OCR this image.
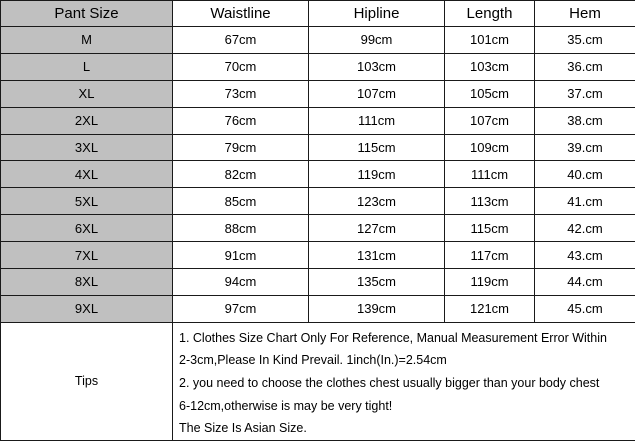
Pant Size	Waistline	Hipline	Length	Hem
M	67cm	99cm	101cm	35.cm
L	70cm	103cm	103cm	36.cm
XL	73cm	107cm	105cm	37.cm
2XL	76cm	111cm	107cm	38.cm
3XL	79cm	115cm	109cm	39.cm
4XL	82cm	119cm	111cm	40.cm
5XL	85cm	123cm	113cm	41.cm
6XL	88cm	127cm	115cm	42.cm
7XL	91cm	131cm	117cm	43.cm
8XL	94cm	135cm	119cm	44.cm
9XL	97cm	139cm	121cm	45.cm
Tips	1. Clothes Size Chart Only For Reference, Manual Measurement Error Within
2-3cm,Please In Kind Prevail. 1inch(In.)=2.54cm
2. you need to choose the clothes chest usually bigger than your body chest
6-12cm,otherwise is may be very tight!
The Size Is Asian Size.			
